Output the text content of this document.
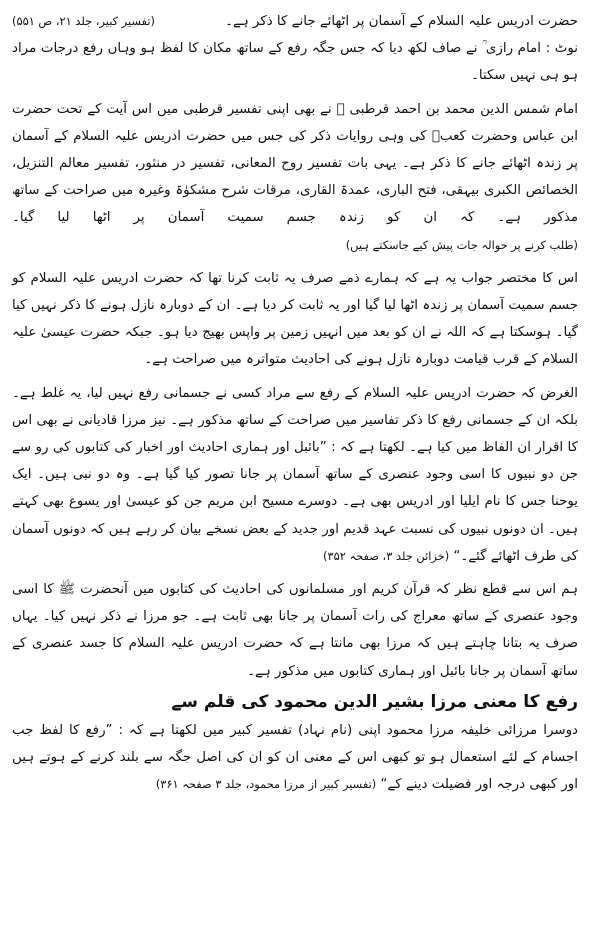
حضرت ادریس علیہ السلام کے آسمان پر اٹھائے جانے کا ذکر ہے۔
(تفسیر کبیر، جلد ۲۱، ص ۵۵۱)

نوٹ : امام رازی ؒ نے صاف لکھ دیا کہ جس جگہ رفع کے ساتھ مکان کا لفظ ہو وہاں رفع درجات مراد ہو ہی نہیں سکتا۔

امام شمس الدین محمد بن احمد قرطبی ؒ نے بھی اپنی تفسیر قرطبی میں اس آیت کے تحت حضرت ابن عباس وحضرت کعبؓ کی وہی روایات ذکر کی جس میں حضرت ادریس علیہ السلام کے آسمان پر زندہ اٹھائے جانے کا ذکر ہے۔ یہی بات تفسیر روح المعانی، تفسیر در منثور، تفسیر معالم التنزیل، الخصائص الکبری بیہقی، فتح الباری، عمدۃ القاری، مرقات شرح مشکوٰۃ وغیرہ میں صراحت کے ساتھ مذکور ہے۔ کہ ان کو زندہ جسم سمیت آسمان پر اٹھا لیا گیا۔ (طلب کرنے پر حوالہ جات پیش کیے جاسکتے ہیں)

اس کا مختصر جواب یہ ہے کہ ہمارے ذمے صرف یہ ثابت کرنا تھا کہ حضرت ادریس علیہ السلام کو جسم سمیت آسمان پر زندہ اٹھا لیا گیا اور یہ ثابت کر دیا ہے۔ ان کے دوبارہ نازل ہونے کا ذکر نہیں کیا گیا۔ ہوسکتا ہے کہ اللہ نے ان کو بعد میں انہیں زمین پر واپس بھیج دیا ہو۔ جبکہ حضرت عیسیٰ علیہ السلام کے قرب قیامت دوبارہ نازل ہونے کی احادیث متواترہ میں صراحت ہے۔

الغرض کہ حضرت ادریس علیہ السلام کے رفع سے مراد کسی نے جسمانی رفع نہیں لیا، یہ غلط ہے۔ بلکہ ان کے جسمانی رفع کا ذکر تفاسیر میں صراحت کے ساتھ مذکور ہے۔ نیز مرزا قادیانی نے بھی اس کا اقرار ان الفاظ میں کیا ہے۔ لکھتا ہے کہ : ”بائبل اور ہماری احادیث اور اخبار کی کتابوں کی رو سے جن دو نبیوں کا اسی وجود عنصری کے ساتھ آسمان پر جانا تصور کیا گیا ہے۔ وہ دو نبی ہیں۔ ایک یوحنا جس کا نام ایلیا اور ادریس بھی ہے۔ دوسرے مسیح ابن مریم جن کو عیسیٰ اور یسوع بھی کہتے ہیں۔ ان دونوں نبیوں کی نسبت عہد قدیم اور جدید کے بعض نسخے بیان کر رہے ہیں کہ دونوں آسمان کی طرف اٹھائے گئے۔“ (خزائن جلد ۳، صفحہ ۳۵۲)

ہم اس سے قطع نظر کہ قرآن کریم اور مسلمانوں کی احادیث کی کتابوں میں آنحضرت ﷺ کا اسی وجود عنصری کے ساتھ معراج کی رات آسمان پر جانا بھی ثابت ہے۔ جو مرزا نے ذکر نہیں کیا۔ یہاں صرف یہ بتانا چاہتے ہیں کہ مرزا بھی مانتا ہے کہ حضرت ادریس علیہ السلام کا جسد عنصری کے ساتھ آسمان پر جانا بائبل اور ہماری کتابوں میں مذکور ہے۔

رفع کا معنی مرزا بشیر الدین محمود کی قلم سے

دوسرا مرزائی خلیفہ مرزا محمود اپنی (نام نہاد) تفسیر کبیر میں لکھتا ہے کہ : ”رفع کا لفظ جب اجسام کے لئے استعمال ہو تو کبھی اس کے معنی ان کو ان کی اصل جگہ سے بلند کرنے کے ہوتے ہیں اور کبھی درجہ اور فضیلت دینے کے“ (تفسیر کبیر از مرزا محمود، جلد ۳ صفحہ ۳۶۱)
